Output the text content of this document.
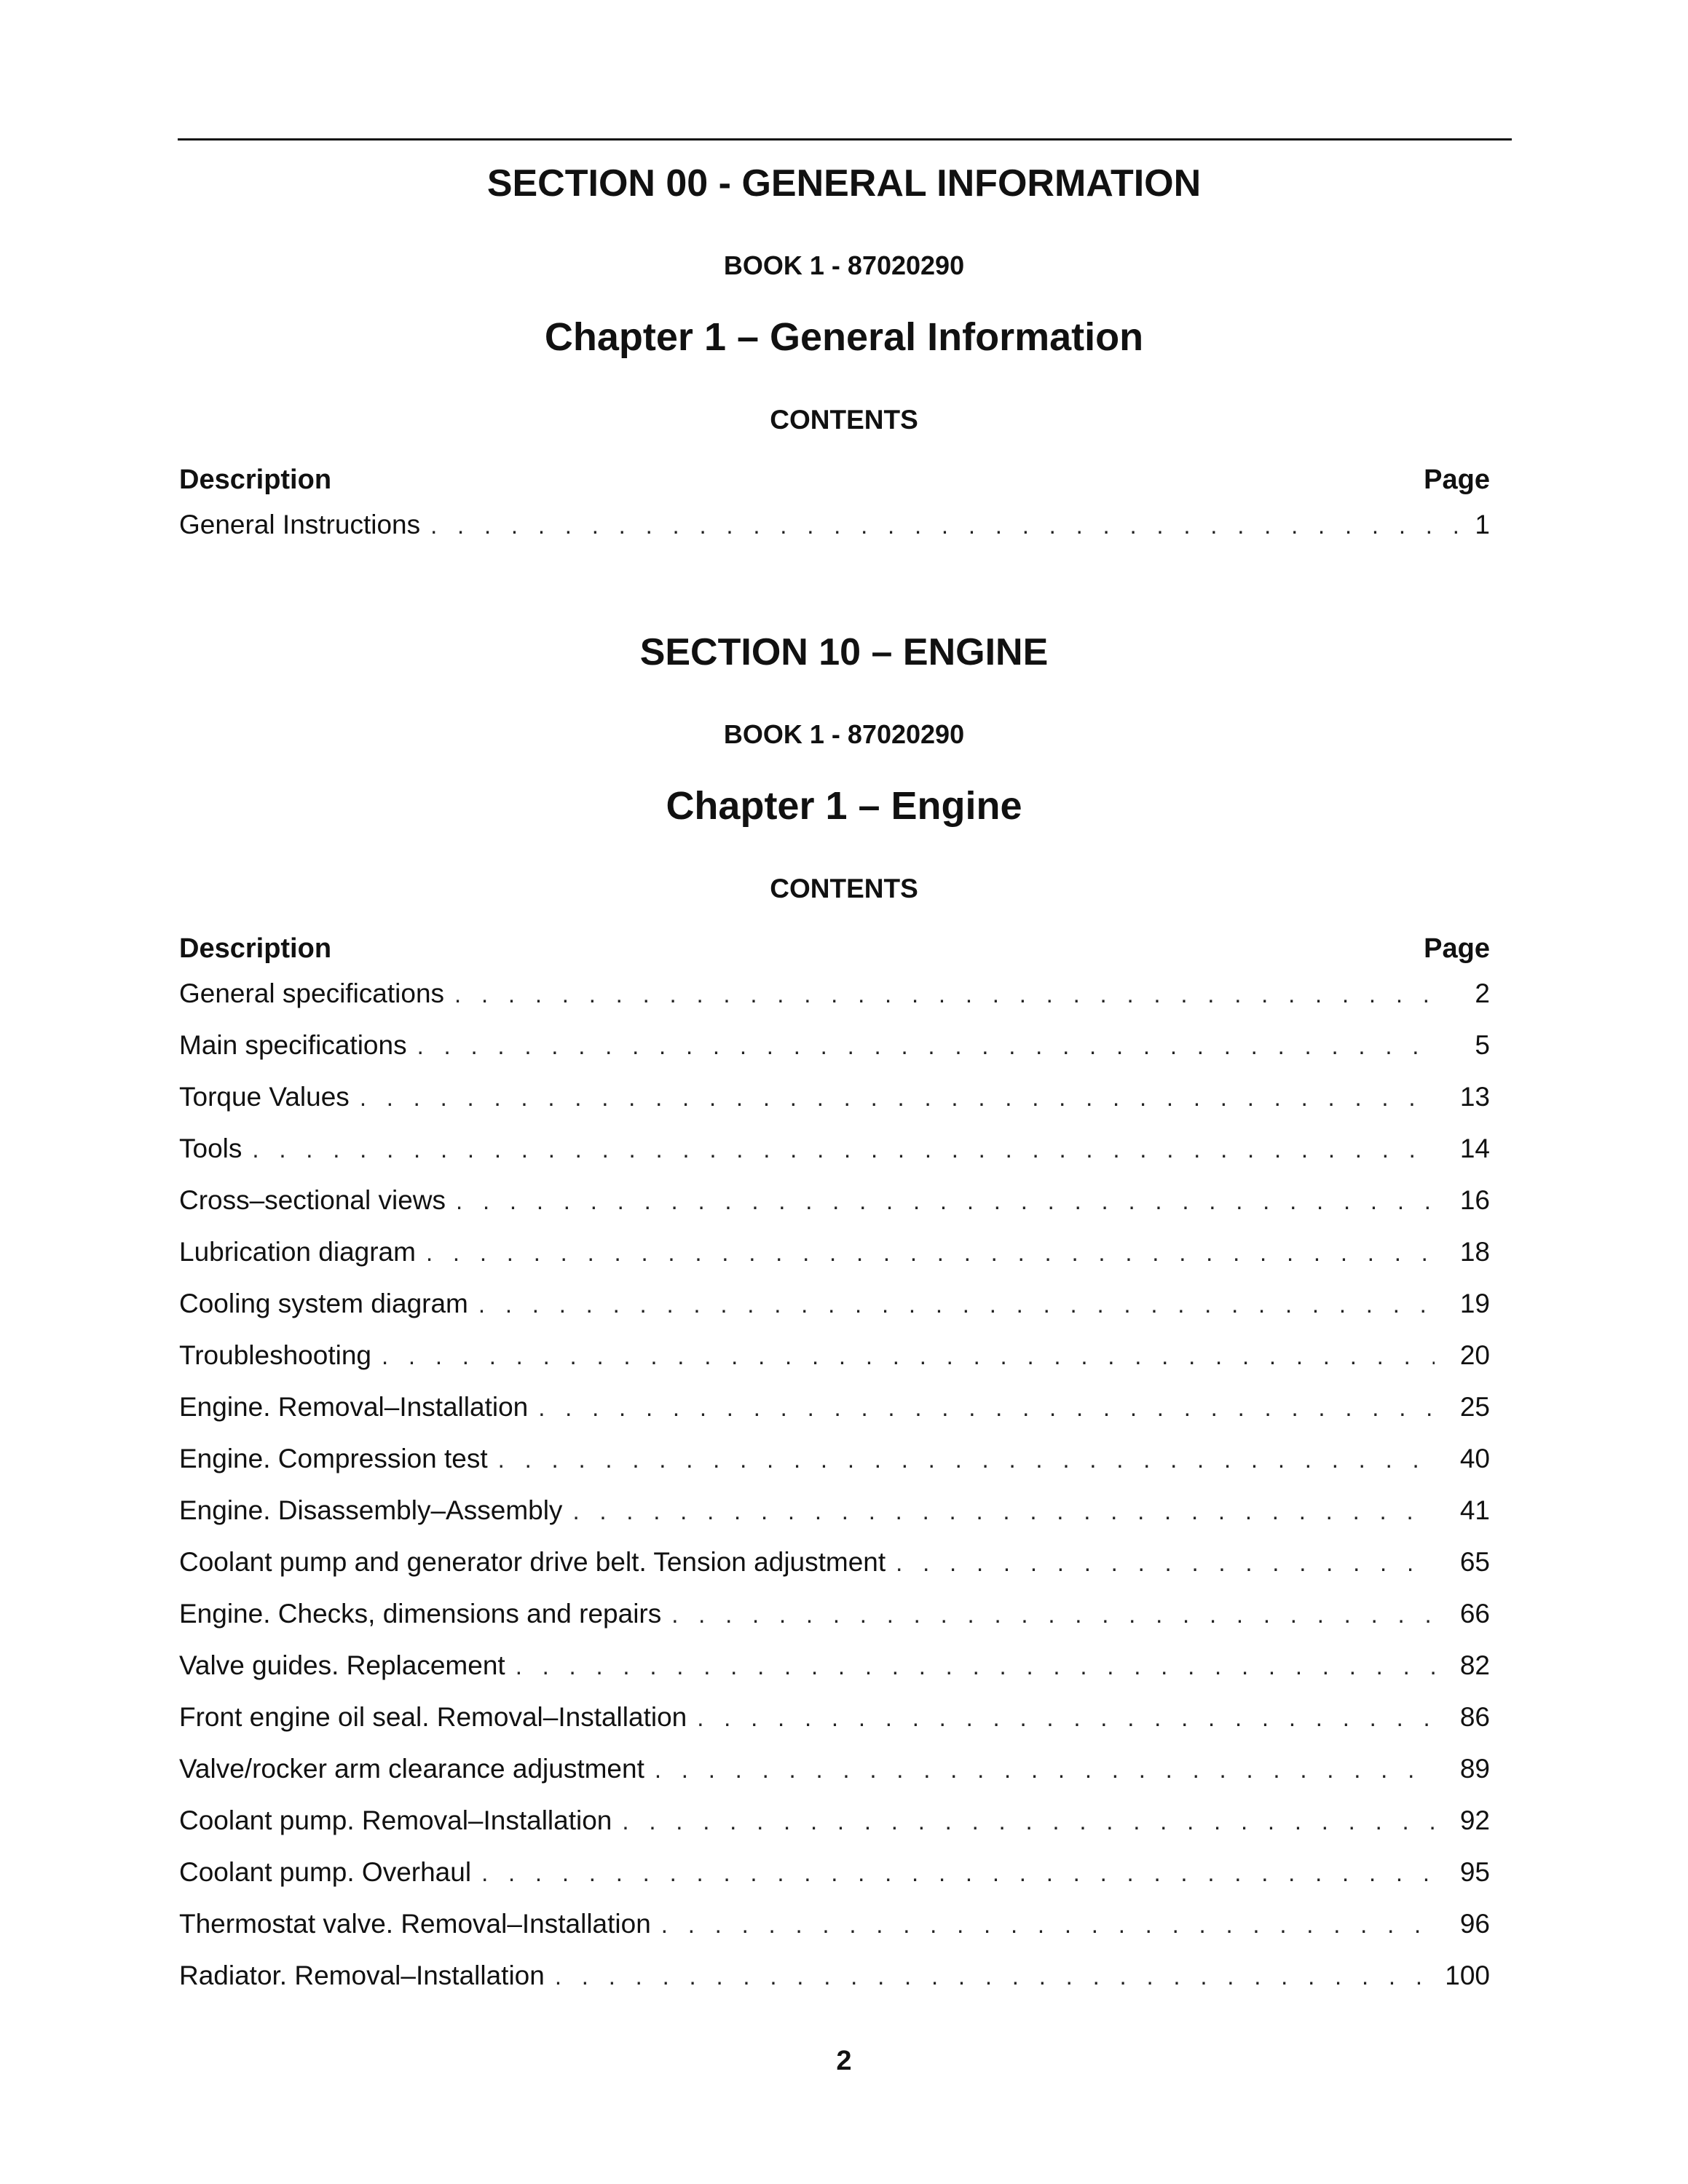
SECTION 00 - GENERAL INFORMATION
BOOK 1 - 87020290
Chapter 1 – General Information
CONTENTS
Description	Page
General Instructions . . .	1
SECTION 10 – ENGINE
BOOK 1 - 87020290
Chapter 1 – Engine
CONTENTS
Description	Page
General specifications . . .	2
Main specifications . . .	5
Torque Values . . .	13
Tools . . .	14
Cross–sectional views . . .	16
Lubrication diagram . . .	18
Cooling system diagram . . .	19
Troubleshooting . . .	20
Engine. Removal–Installation . . .	25
Engine. Compression test . . .	40
Engine. Disassembly–Assembly . . .	41
Coolant pump and generator drive belt. Tension adjustment . . .	65
Engine. Checks, dimensions and repairs . . .	66
Valve guides. Replacement . . .	82
Front engine oil seal. Removal–Installation . . .	86
Valve/rocker arm clearance adjustment . . .	89
Coolant pump. Removal–Installation . . .	92
Coolant pump. Overhaul . . .	95
Thermostat valve. Removal–Installation . . .	96
Radiator. Removal–Installation . . .	100
2
